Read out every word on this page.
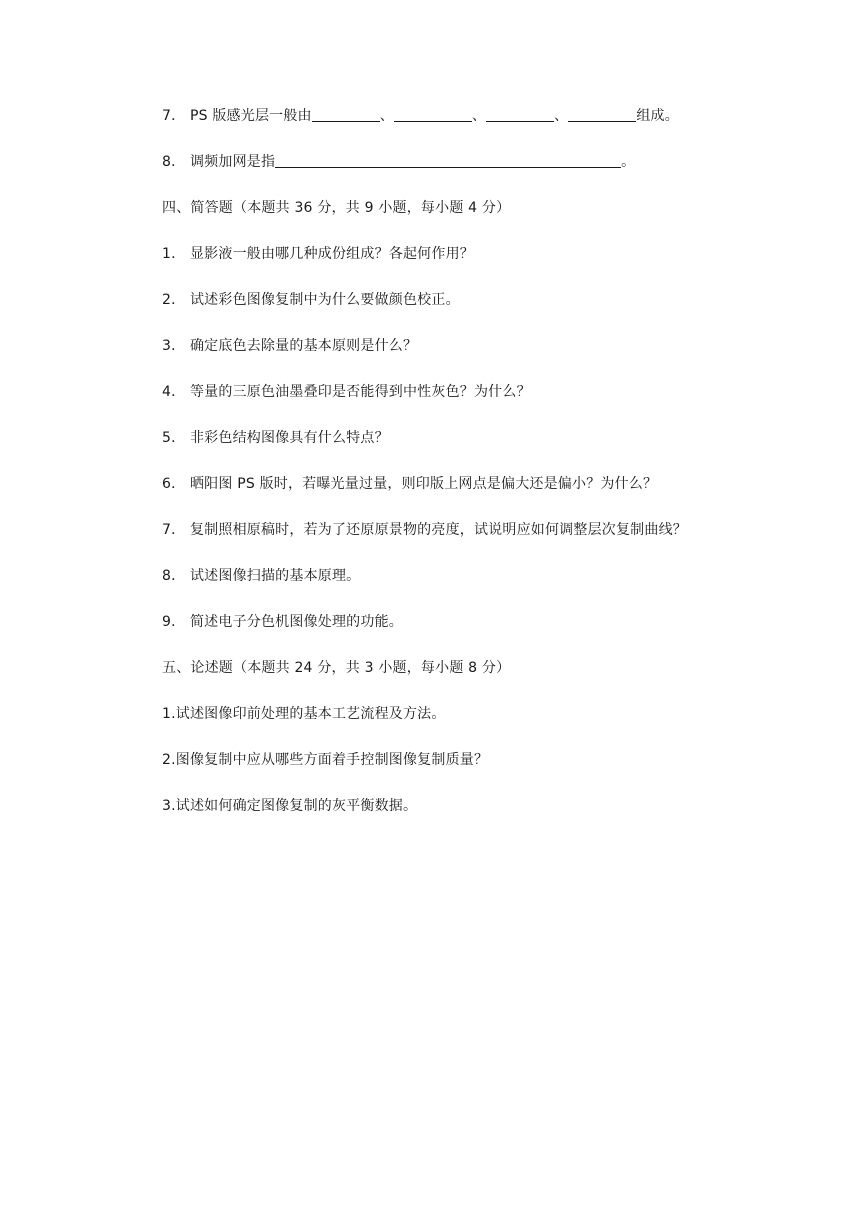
7． PS 版感光层一般由	、	、	、	组成。
8． 调频加网是指	。
四、简答题（本题共 36 分，共 9 小题，每小题 4 分）
1． 显影液一般由哪几种成份组成？各起何作用？
2． 试述彩色图像复制中为什么要做颜色校正。
3． 确定底色去除量的基本原则是什么？
4． 等量的三原色油墨叠印是否能得到中性灰色？为什么？
5． 非彩色结构图像具有什么特点？
6． 晒阳图 PS 版时，若曝光量过量，则印版上网点是偏大还是偏小？为什么？
7． 复制照相原稿时，若为了还原原景物的亮度，试说明应如何调整层次复制曲线？
8． 试述图像扫描的基本原理。
9． 简述电子分色机图像处理的功能。
五、论述题（本题共 24 分，共 3 小题，每小题 8 分）
1.试述图像印前处理的基本工艺流程及方法。
2.图像复制中应从哪些方面着手控制图像复制质量？
3.试述如何确定图像复制的灰平衡数据。
